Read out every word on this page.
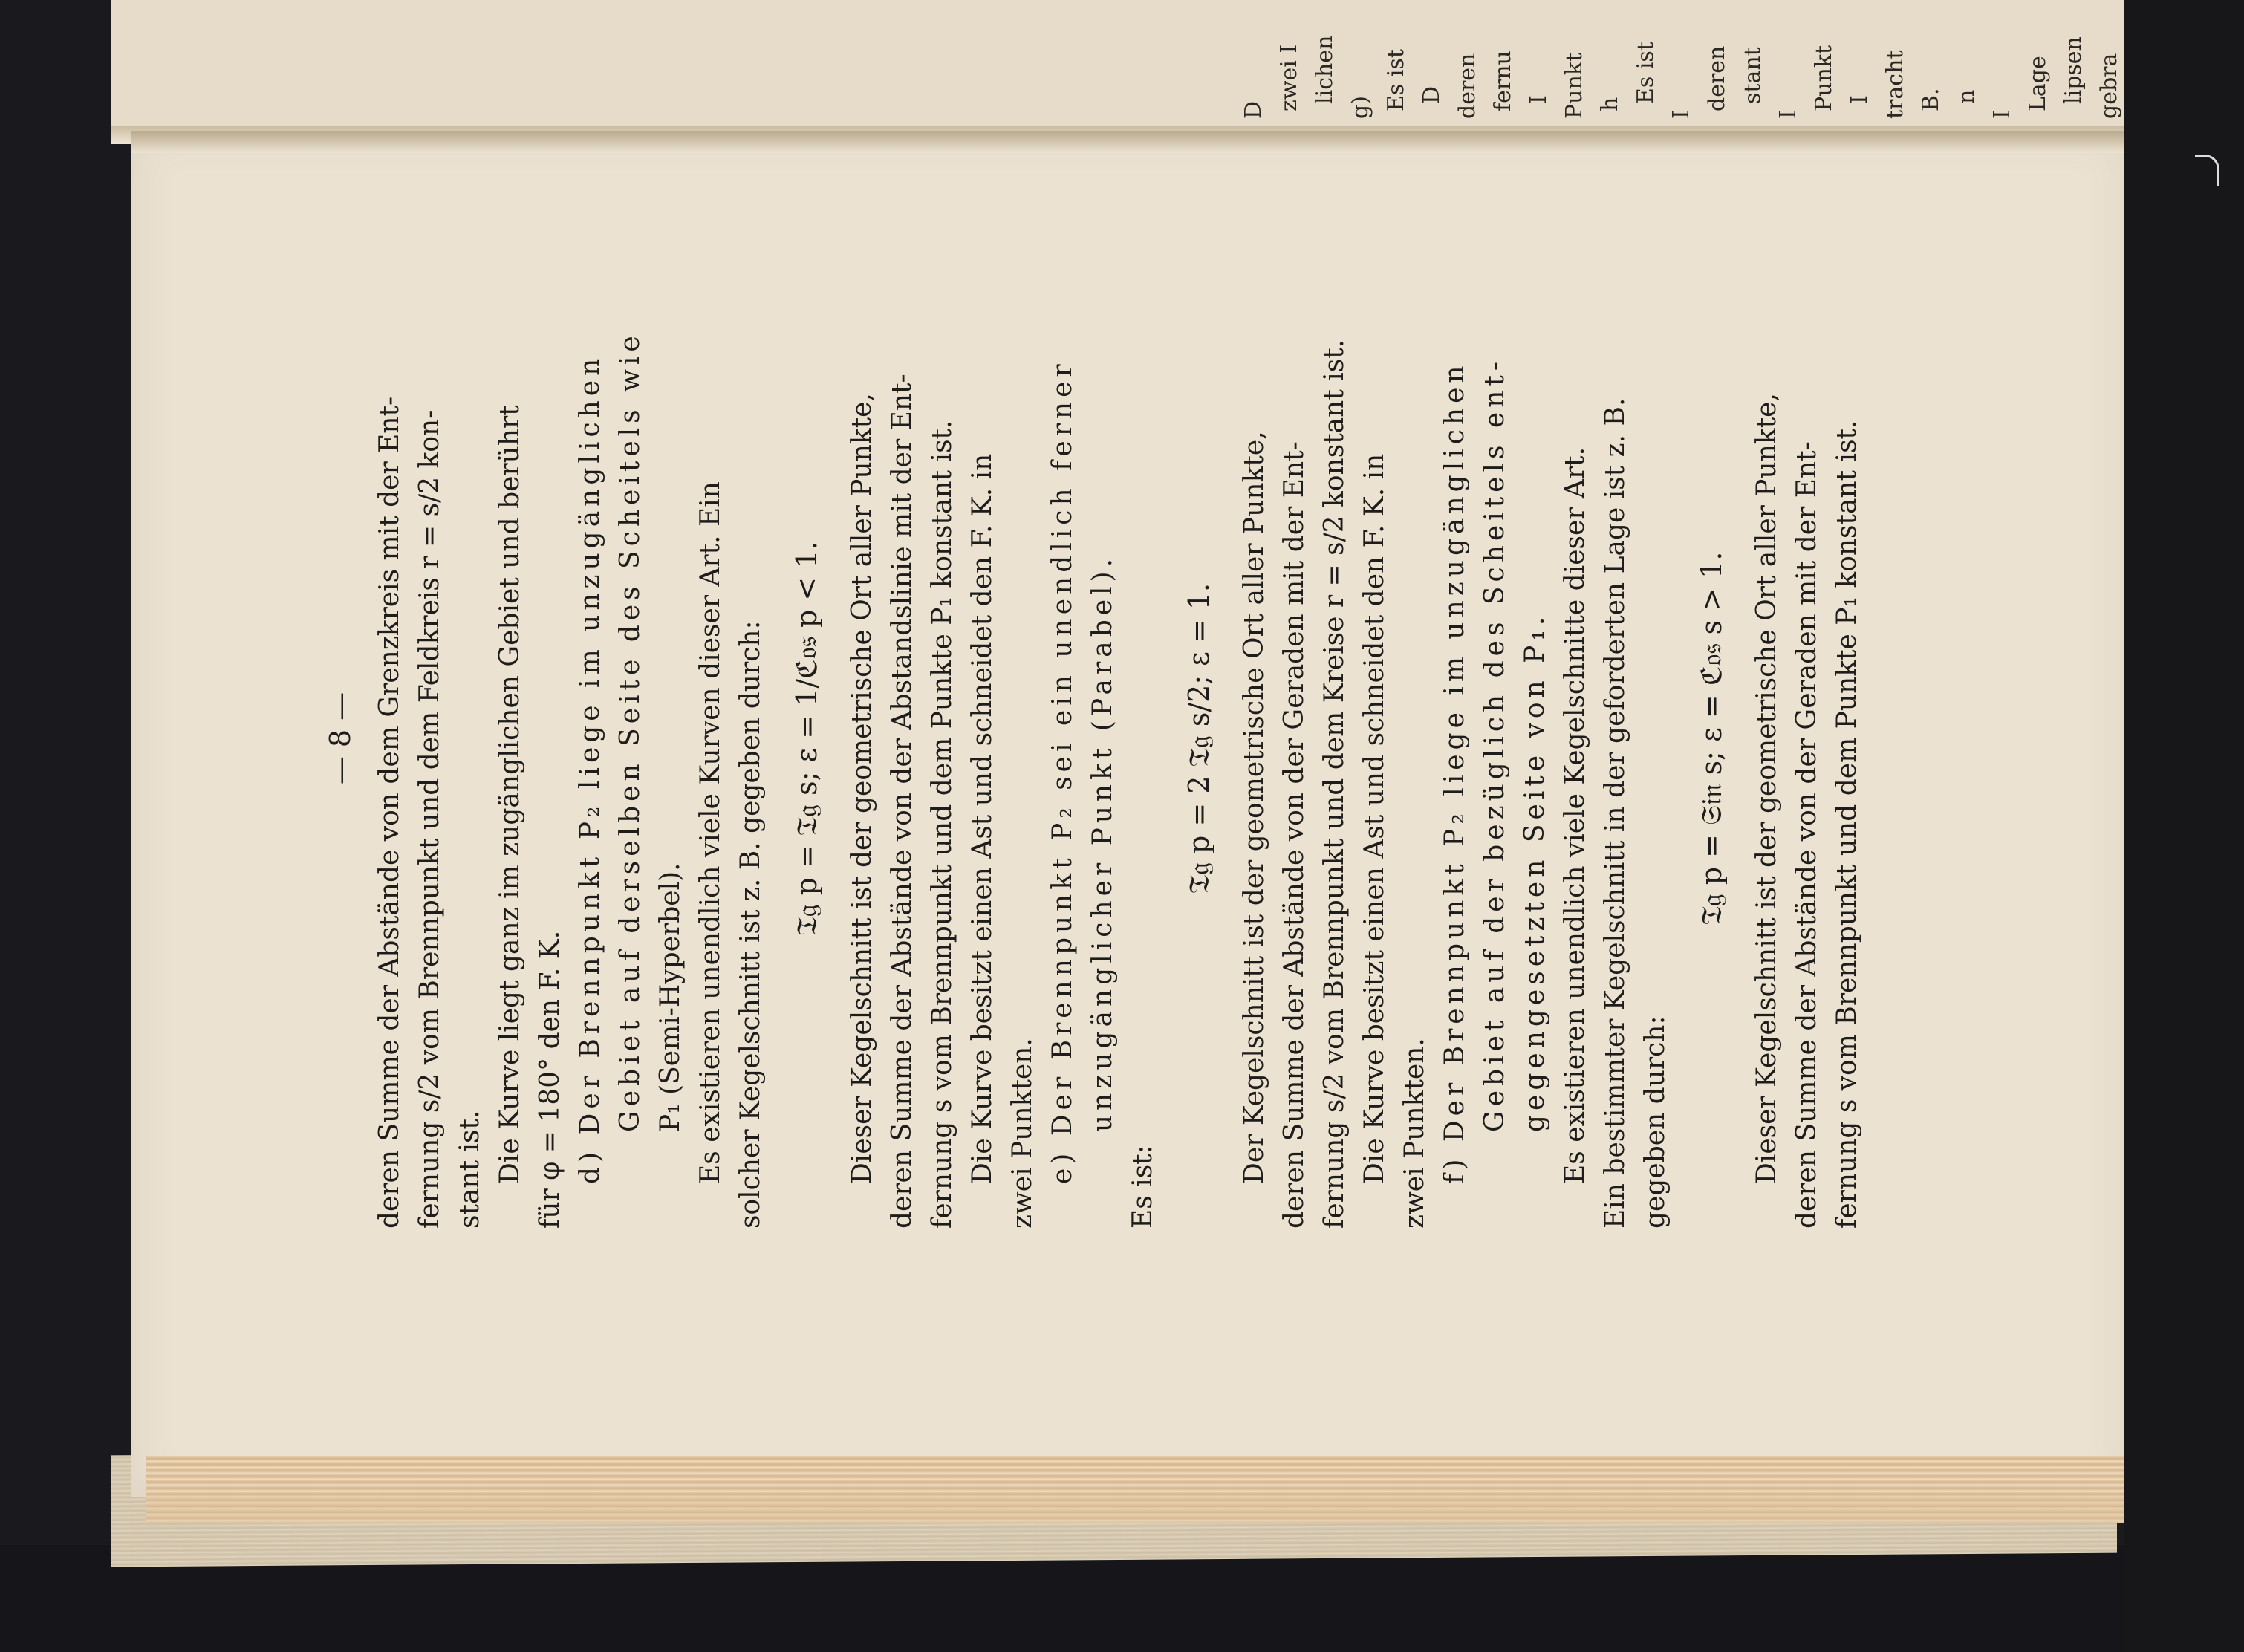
D zwei I lichen
g) Es ist D deren fernu I Punkt h
Es ist
I
deren stant
I
Punkt I tracht B. n
I
Lage lipsen gebra
— 8 — deren Summe der Abstände von dem Grenzkreis mit der Ent- fernung s/2 vom Brennpunkt und dem Feldkreis r = s/2 kon- stant ist. Die Kurve liegt ganz im zugänglichen Gebiet und berührt für φ = 180° den F. K. d) Der Brennpunkt P₂ liege im unzugänglichen Gebiet auf derselben Seite des Scheitels wie P₁ (Semi-Hyperbel). Es existieren unendlich viele Kurven dieser Art. Ein solcher Kegelschnitt ist z. B. gegeben durch: 𝔗𝔤 p = 𝔗𝔤 s; ε = 1/ℭ𝔬𝔰 p < 1. Dieser Kegelschnitt ist der geometrische Ort aller Punkte, deren Summe der Abstände von der Abstandslinie mit der Ent- fernung s vom Brennpunkt und dem Punkte P₁ konstant ist. Die Kurve besitzt einen Ast und schneidet den F. K. in zwei Punkten. e) Der Brennpunkt P₂ sei ein unendlich ferner unzugänglicher Punkt (Parabel).
Es ist:
𝔗𝔤 p = 2 𝔗𝔤 s/2; ε = 1. Der Kegelschnitt ist der geometrische Ort aller Punkte, deren Summe der Abstände von der Geraden mit der Ent- fernung s/2 vom Brennpunkt und dem Kreise r = s/2 konstant ist. Die Kurve besitzt einen Ast und schneidet den F. K. in zwei Punkten. f) Der Brennpunkt P₂ liege im unzugänglichen Gebiet auf der bezüglich des Scheitels ent- gegengesetzten Seite von P₁. Es existieren unendlich viele Kegelschnitte dieser Art. Ein bestimmter Kegelschnitt in der geforderten Lage ist z. B. gegeben durch:
𝔗𝔤 p = 𝔖𝔦𝔫 s; ε = ℭ𝔬𝔰 s > 1. Dieser Kegelschnitt ist der geometrische Ort aller Punkte, deren Summe der Abstände von der Geraden mit der Ent- fernung s vom Brennpunkt und dem Punkte P₁ konstant ist.
